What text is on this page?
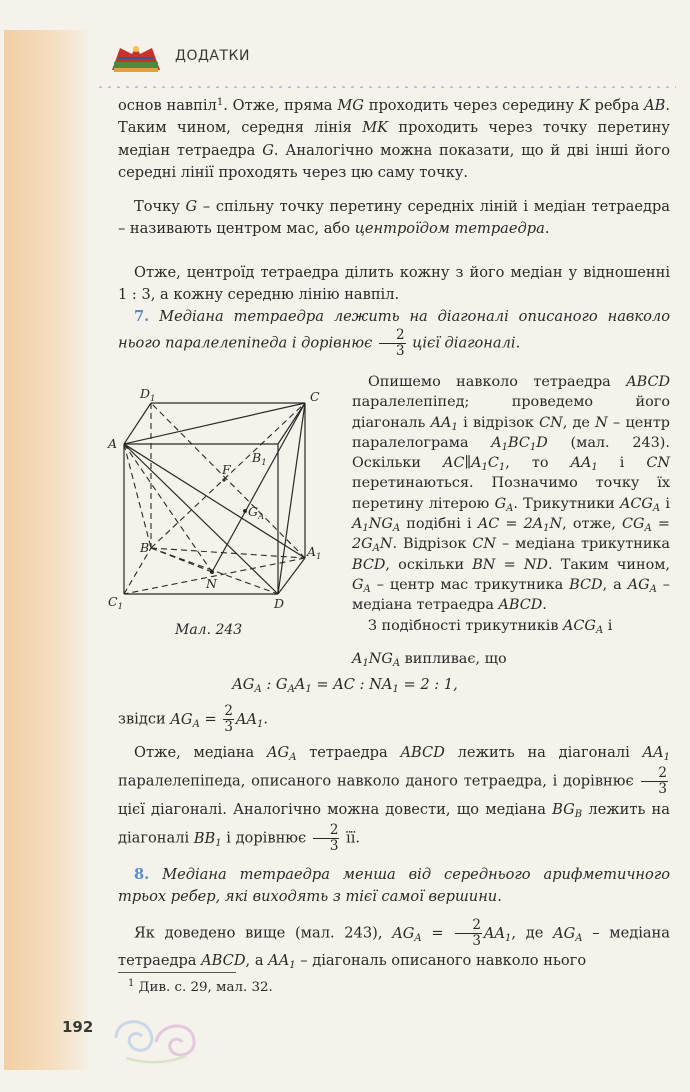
ДОДАТКИ

основ навпіл$^1$. Отже, пряма MG проходить через середину K ребра AB. Таким чином, середня лінія MK проходить через точку перетину медіан тетраедра G. Аналогічно можна показати, що й дві інші його середні лінії проходять через цю саму точку.

Точку G – спільну точку перетину середніх ліній і медіан тетраедра – називають центром мас, або центроїдом тетраедра.

Отже, центроїд тетраедра ділить кожну з його медіан у відношенні 1 : 3, а кожну середню лінію навпіл.

7. Медіана тетраедра лежить на діагоналі описаного навколо нього паралелепіпеда і дорівнює $\frac{2}{3}$ цієї діагоналі.

$D_1$	C
A
$B_1$
F
$G_A$
B	$A_1$
N
$C_1$	D
Мал. 243

Опишемо навколо тетраедра ABCD паралелепіпед; проведемо його діагональ $AA_1$ і відрізок CN, де N – центр паралелограма $A_1BC_1D$ (мал. 243). Оскільки $AC\parallel A_1C_1$, то $AA_1$ і CN перетинаються. Позначимо точку їх перетину літерою $G_A$. Трикутники $ACG_A$ і $A_1NG_A$ подібні і AC = $2A_1N$, отже, $CG_A = 2G_AN$. Відрізок CN – медіана трикутника BCD, оскільки BN = ND. Таким чином, $G_A$ – центр мас трикутника BCD, а $AG_A$ – медіана тетраедра ABCD.

З подібності трикутників $ACG_A$ і

$A_1NG_A$ випливає, що

$AG_A$ : $G_AA_1$ = AC : $NA_1 = 2$ : 1,

звідси $AG_A = \frac{2}{3} AA_1$.

Отже, медіана $AG_A$ тетраедра ABCD лежить на діагоналі $AA_1$ паралелепіпеда, описаного навколо даного тетраедра, і дорівнює $\frac{2}{3}$
цієї діагоналі. Аналогічно можна довести, що медіана $BG_B$ лежить на діагоналі $BB_1$ і дорівнює $\frac{2}{3}$ її.

8. Медіана тетраедра менша від середнього арифметичного трьох ребер, які виходять з тієї самої вершини.

Як доведено вище (мал. 243), $AG_A = \frac{2}{3} AA_1$, де $AG_A$ – медіана тетраедра ABCD, а $AA_1$ – діагональ описаного навколо нього

$^1$ Див. с. 29, мал. 32.
192
